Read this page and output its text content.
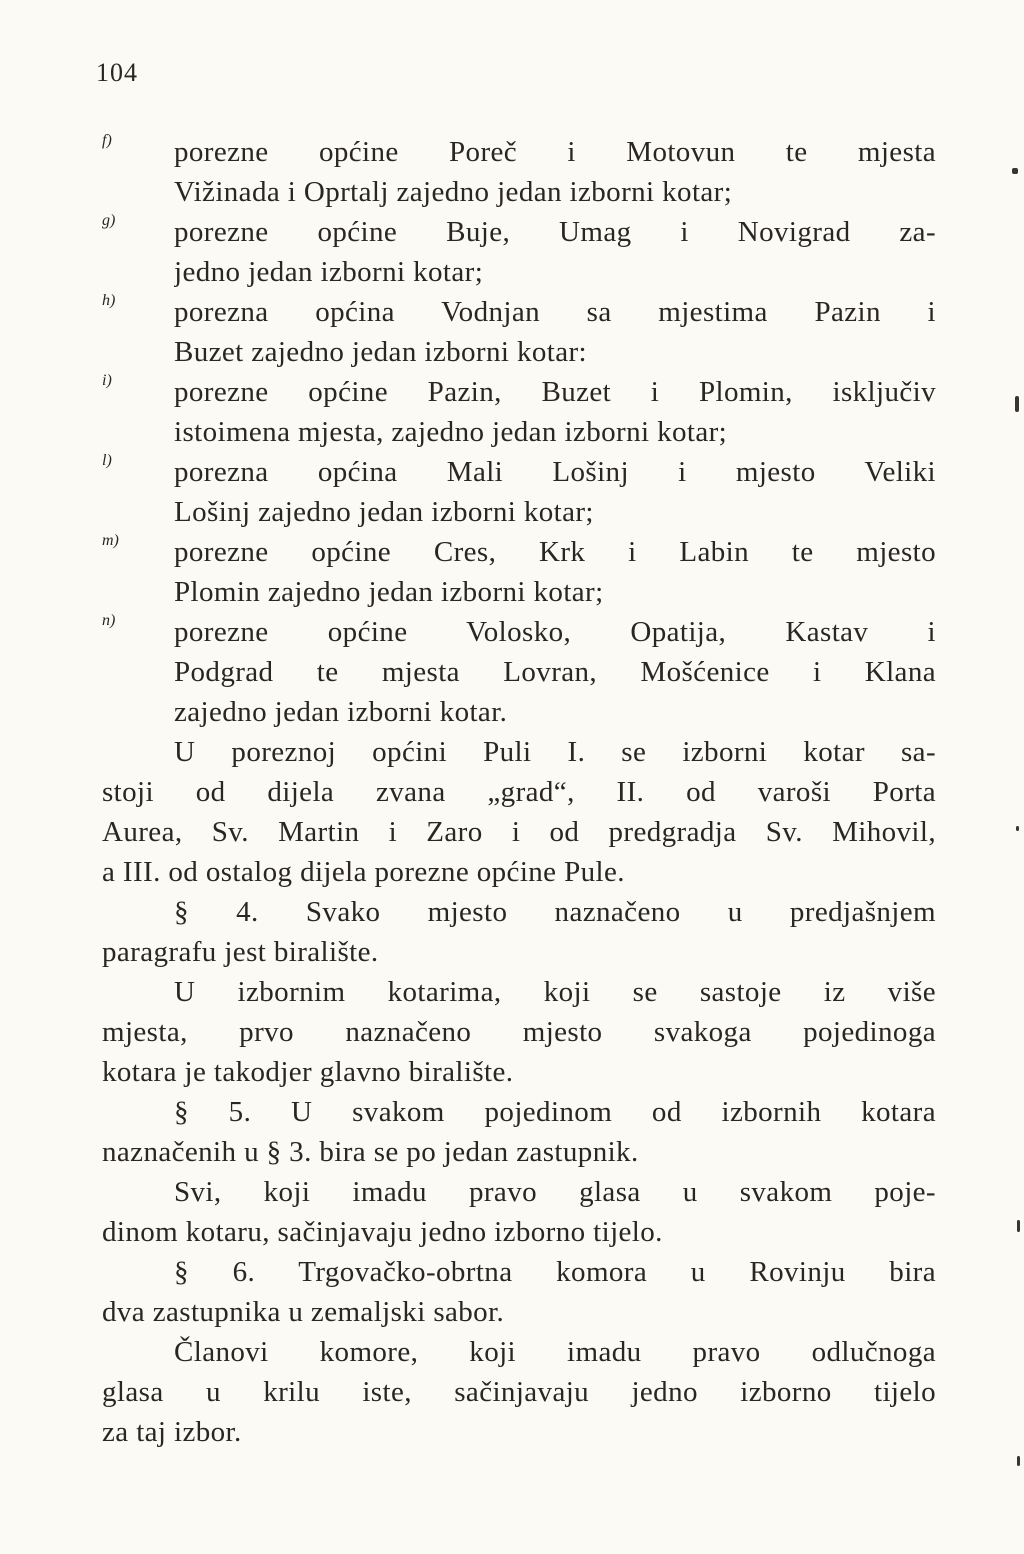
104
f)	porezne općine Poreč i Motovun te mjesta
Vižinada i Oprtalj zajedno jedan izborni kotar;
g)	porezne općine Buje, Umag i Novigrad za-
jedno jedan izborni kotar;
h)	porezna općina Vodnjan sa mjestima Pazin i
Buzet zajedno jedan izborni kotar:
i)	porezne općine Pazin, Buzet i Plomin, isključiv
istoimena mjesta, zajedno jedan izborni kotar;
l)	porezna općina Mali Lošinj i mjesto Veliki
Lošinj zajedno jedan izborni kotar;
m)	porezne općine Cres, Krk i Labin te mjesto
Plomin zajedno jedan izborni kotar;
n)	porezne općine Volosko, Opatija, Kastav i
Podgrad te mjesta Lovran, Mošćenice i Klana
zajedno jedan izborni kotar.
U poreznoj općini Puli I. se izborni kotar sa-
stoji od dijela zvana „grad“, II. od varoši Porta
Aurea, Sv. Martin i Zaro i od predgradja Sv. Mihovil,
a III. od ostalog dijela porezne općine Pule.
§ 4. Svako mjesto naznačeno u predjašnjem
paragrafu jest biralište.
U izbornim kotarima, koji se sastoje iz više
mjesta, prvo naznačeno mjesto svakoga pojedinoga
kotara je takodjer glavno biralište.
§ 5. U svakom pojedinom od izbornih kotara
naznačenih u § 3. bira se po jedan zastupnik.
Svi, koji imadu pravo glasa u svakom poje-
dinom kotaru, sačinjavaju jedno izborno tijelo.
§ 6. Trgovačko-obrtna komora u Rovinju bira
dva zastupnika u zemaljski sabor.
Članovi komore, koji imadu pravo odlučnoga
glasa u krilu iste, sačinjavaju jedno izborno tijelo
za taj izbor.
